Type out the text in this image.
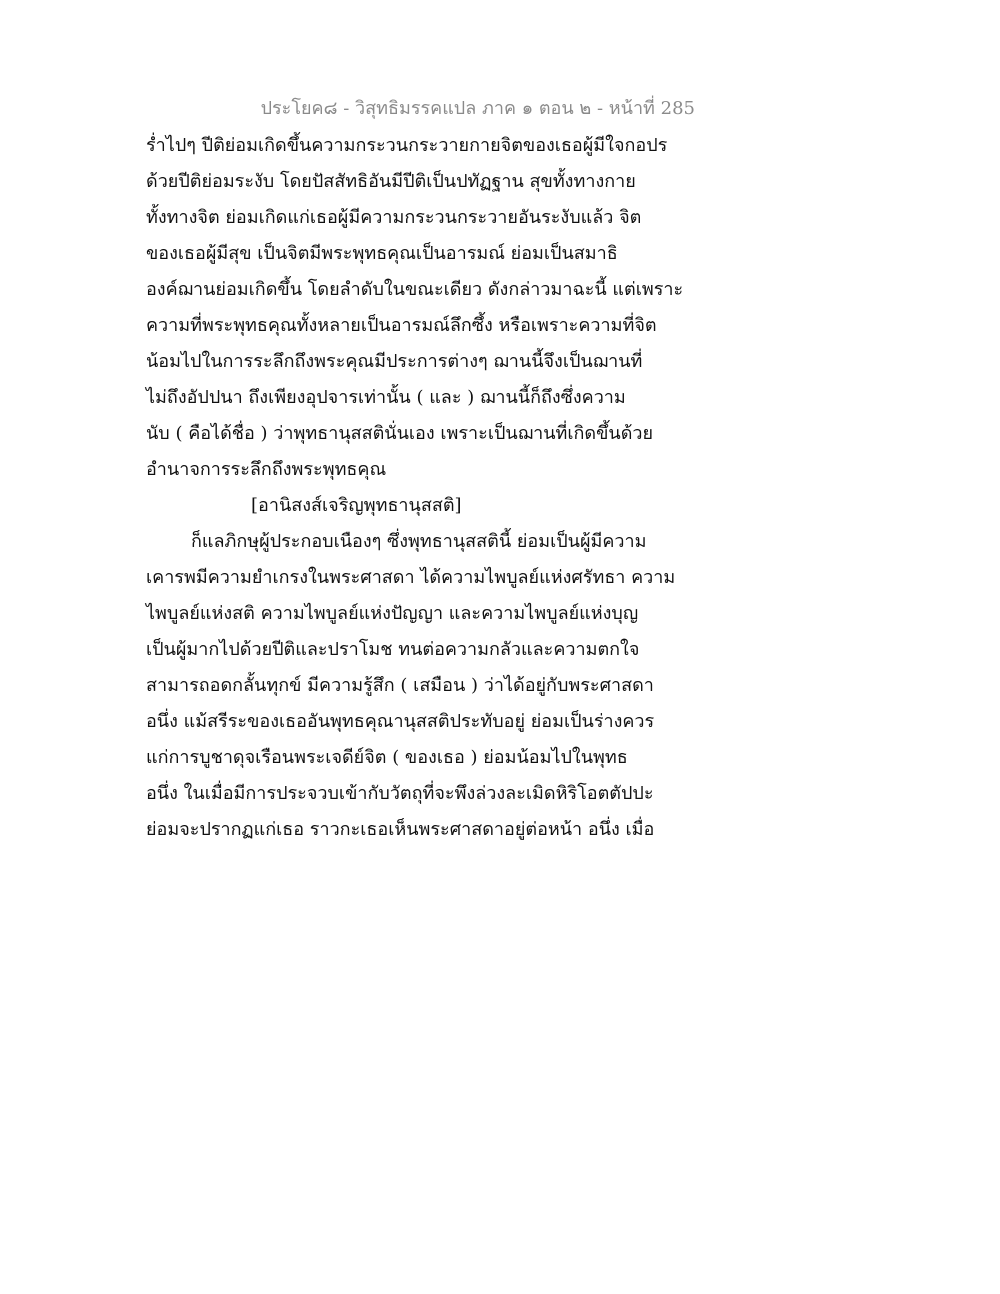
ประโยค๘ - วิสุทธิมรรคแปล ภาค ๑ ตอน ๒ - หน้าที่ 285
ร่ำไปๆ ปีติย่อมเกิดขึ้นความกระวนกระวายกายจิตของเธอผู้มีใจกอปร
ด้วยปีติย่อมระงับ โดยปัสสัทธิอันมีปีติเป็นปทัฏฐาน สุขทั้งทางกาย
ทั้งทางจิต ย่อมเกิดแก่เธอผู้มีความกระวนกระวายอันระงับแล้ว จิต
ของเธอผู้มีสุข เป็นจิตมีพระพุทธคุณเป็นอารมณ์ ย่อมเป็นสมาธิ
องค์ฌานย่อมเกิดขึ้น โดยลำดับในขณะเดียว ดังกล่าวมาฉะนี้ แต่เพราะ
ความที่พระพุทธคุณทั้งหลายเป็นอารมณ์ลึกซึ้ง หรือเพราะความที่จิต
น้อมไปในการระลึกถึงพระคุณมีประการต่างๆ ฌานนี้จึงเป็นฌานที่
ไม่ถึงอัปปนา ถึงเพียงอุปจารเท่านั้น ( และ ) ฌานนี้ก็ถึงซึ่งความ
นับ ( คือได้ชื่อ ) ว่าพุทธานุสสตินั่นเอง เพราะเป็นฌานที่เกิดขึ้นด้วย
อำนาจการระลึกถึงพระพุทธคุณ
[อานิสงส์เจริญพุทธานุสสติ]
ก็แลภิกษุผู้ประกอบเนืองๆ ซึ่งพุทธานุสสตินี้ ย่อมเป็นผู้มีความ
เคารพมีความยำเกรงในพระศาสดา ได้ความไพบูลย์แห่งศรัทธา ความ
ไพบูลย์แห่งสติ ความไพบูลย์แห่งปัญญา และความไพบูลย์แห่งบุญ
เป็นผู้มากไปด้วยปีติและปราโมช ทนต่อความกลัวและความตกใจ
สามารถอดกลั้นทุกข์ มีความรู้สึก ( เสมือน ) ว่าได้อยู่กับพระศาสดา
อนึ่ง แม้สรีระของเธออันพุทธคุณานุสสติประทับอยู่ ย่อมเป็นร่างควร
แก่การบูชาดุจเรือนพระเจดีย์จิต ( ของเธอ ) ย่อมน้อมไปในพุทธ
อนึ่ง ในเมื่อมีการประจวบเข้ากับวัตถุที่จะพึงล่วงละเมิดหิริโอตตัปปะ
ย่อมจะปรากฏแก่เธอ ราวกะเธอเห็นพระศาสดาอยู่ต่อหน้า อนึ่ง เมื่อ
